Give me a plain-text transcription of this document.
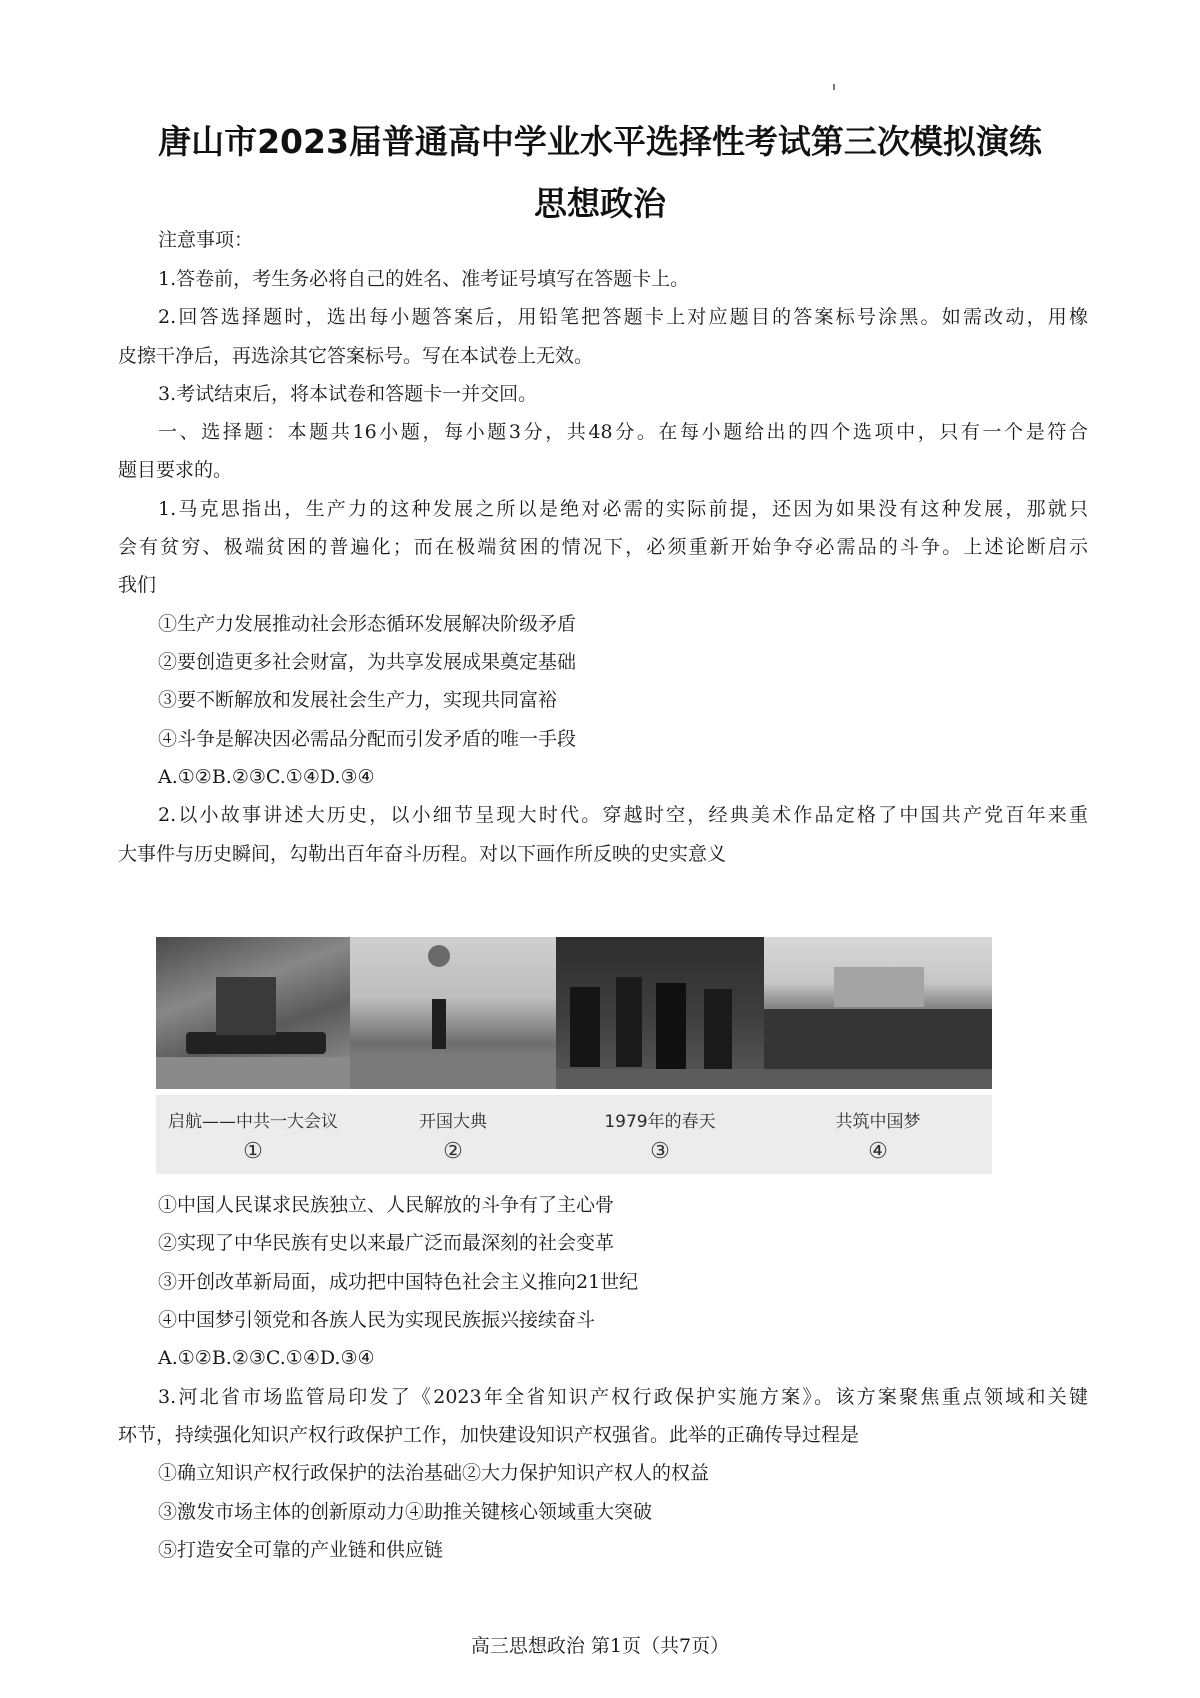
唐山市2023届普通高中学业水平选择性考试第三次模拟演练
思想政治
注意事项：
1.答卷前，考生务必将自己的姓名、准考证号填写在答题卡上。
2.回答选择题时，选出每小题答案后，用铅笔把答题卡上对应题目的答案标号涂黑。如需改动，用橡
皮擦干净后，再选涂其它答案标号。写在本试卷上无效。
3.考试结束后，将本试卷和答题卡一并交回。
一、选择题：本题共16小题，每小题3分，共48分。在每小题给出的四个选项中，只有一个是符合
题目要求的。
1.马克思指出，生产力的这种发展之所以是绝对必需的实际前提，还因为如果没有这种发展，那就只
会有贫穷、极端贫困的普遍化；而在极端贫困的情况下，必须重新开始争夺必需品的斗争。上述论断启示
我们
①生产力发展推动社会形态循环发展解决阶级矛盾
②要创造更多社会财富，为共享发展成果奠定基础
③要不断解放和发展社会生产力，实现共同富裕
④斗争是解决因必需品分配而引发矛盾的唯一手段
A.①②B.②③C.①④D.③④
2.以小故事讲述大历史，以小细节呈现大时代。穿越时空，经典美术作品定格了中国共产党百年来重
大事件与历史瞬间，勾勒出百年奋斗历程。对以下画作所反映的史实意义
启航——中共一大会议	开国大典	1979年的春天	共筑中国梦
①	②	③	④
①中国人民谋求民族独立、人民解放的斗争有了主心骨
②实现了中华民族有史以来最广泛而最深刻的社会变革
③开创改革新局面，成功把中国特色社会主义推向21世纪
④中国梦引领党和各族人民为实现民族振兴接续奋斗
A.①②B.②③C.①④D.③④
3.河北省市场监管局印发了《2023年全省知识产权行政保护实施方案》。该方案聚焦重点领域和关键
环节，持续强化知识产权行政保护工作，加快建设知识产权强省。此举的正确传导过程是
①确立知识产权行政保护的法治基础②大力保护知识产权人的权益
③激发市场主体的创新原动力④助推关键核心领域重大突破
⑤打造安全可靠的产业链和供应链
高三思想政治 第1页（共7页）
